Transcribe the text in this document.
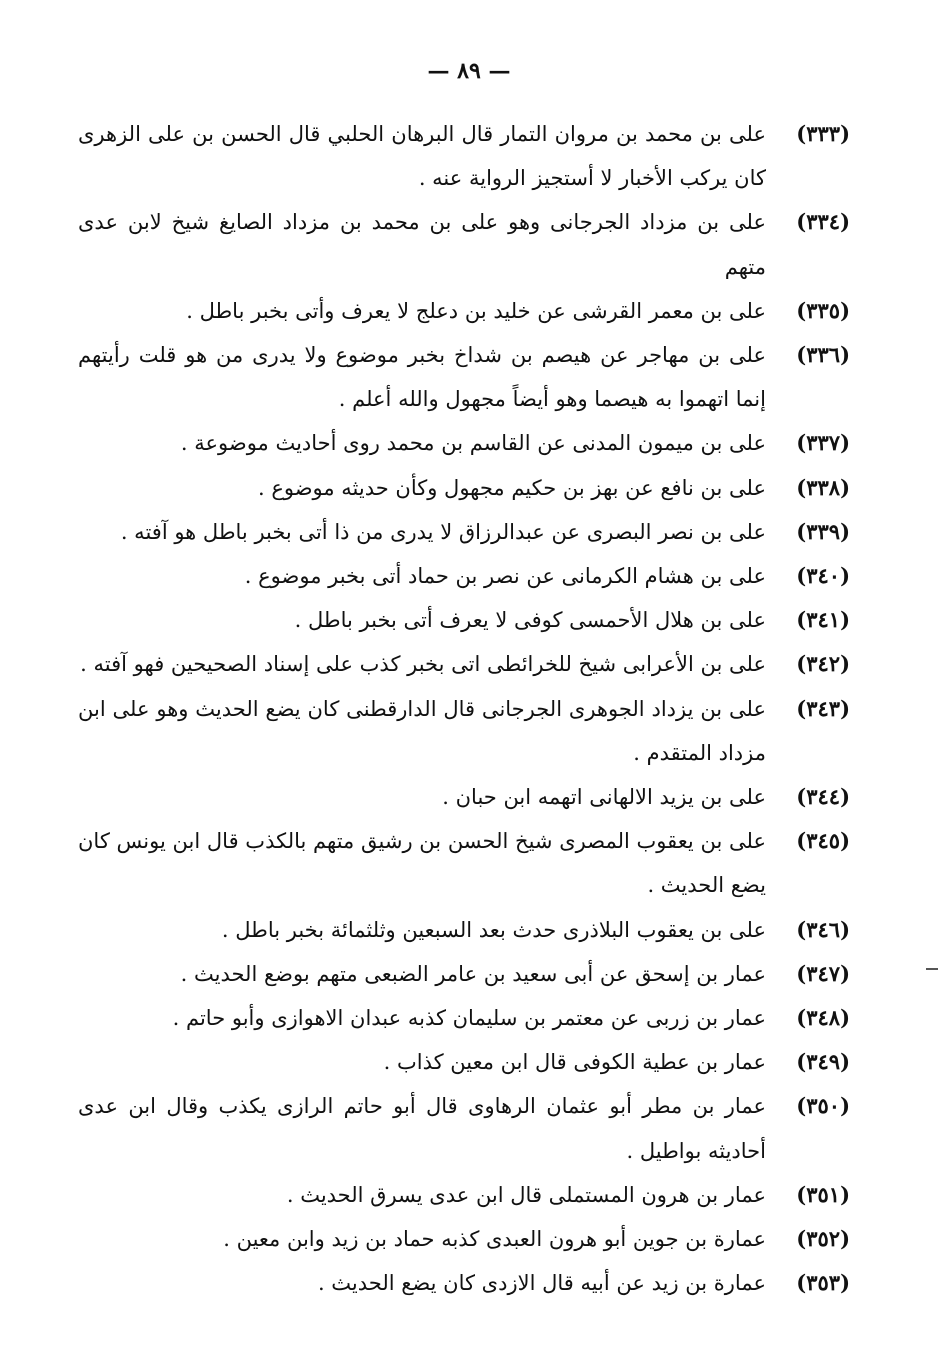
— ٨٩ —
(٣٣٣)
على بن محمد بن مروان التمار قال البرهان الحلبي قال الحسن بن على الزهرى كان يركب الأخبار لا أستجيز الرواية عنه .
(٣٣٤)
على بن مزداد الجرجانى وهو على بن محمد بن مزداد الصايغ شيخ لابن عدى متهم
(٣٣٥)
على بن معمر القرشى عن خليد بن دعلج لا يعرف وأتى بخبر باطل .
(٣٣٦)
على بن مهاجر عن هيصم بن شداخ بخبر موضوع ولا يدرى من هو قلت رأيتهم إنما اتهموا به هيصما وهو أيضاً مجهول والله أعلم .
(٣٣٧)
على بن ميمون المدنى عن القاسم بن محمد روى أحاديث موضوعة .
(٣٣٨)
على بن نافع عن بهز بن حكيم مجهول وكأن حديثه موضوع .
(٣٣٩)
على بن نصر البصرى عن عبدالرزاق لا يدرى من ذا أتى بخبر باطل هو آفته .
(٣٤٠)
على بن هشام الكرمانى عن نصر بن حماد أتى بخبر موضوع .
(٣٤١)
على بن هلال الأحمسى كوفى لا يعرف أتى بخبر باطل .
(٣٤٢)
على بن الأعرابى شيخ للخرائطى اتى بخبر كذب على إسناد الصحيحين فهو آفته .
(٣٤٣)
على بن يزداد الجوهرى الجرجانى قال الدارقطنى كان يضع الحديث وهو على ابن مزداد المتقدم .
(٣٤٤)
على بن يزيد الالهانى اتهمه ابن حبان .
(٣٤٥)
على بن يعقوب المصرى شيخ الحسن بن رشيق متهم بالكذب قال ابن يونس كان يضع الحديث .
(٣٤٦)
على بن يعقوب البلاذرى حدث بعد السبعين وثلثمائة بخبر باطل .
(٣٤٧)
عمار بن إسحق عن أبى سعيد بن عامر الضبعى متهم بوضع الحديث .
(٣٤٨)
عمار بن زربى عن معتمر بن سليمان كذبه عبدان الاهوازى وأبو حاتم .
(٣٤٩)
عمار بن عطية الكوفى قال ابن معين كذاب .
(٣٥٠)
عمار بن مطر أبو عثمان الرهاوى قال أبو حاتم الرازى يكذب وقال ابن عدى أحاديثه بواطيل .
(٣٥١)
عمار بن هرون المستملى قال ابن عدى يسرق الحديث .
(٣٥٢)
عمارة بن جوين أبو هرون العبدى كذبه حماد بن زيد وابن معين .
(٣٥٣)
عمارة بن زيد عن أبيه قال الازدى كان يضع الحديث .
